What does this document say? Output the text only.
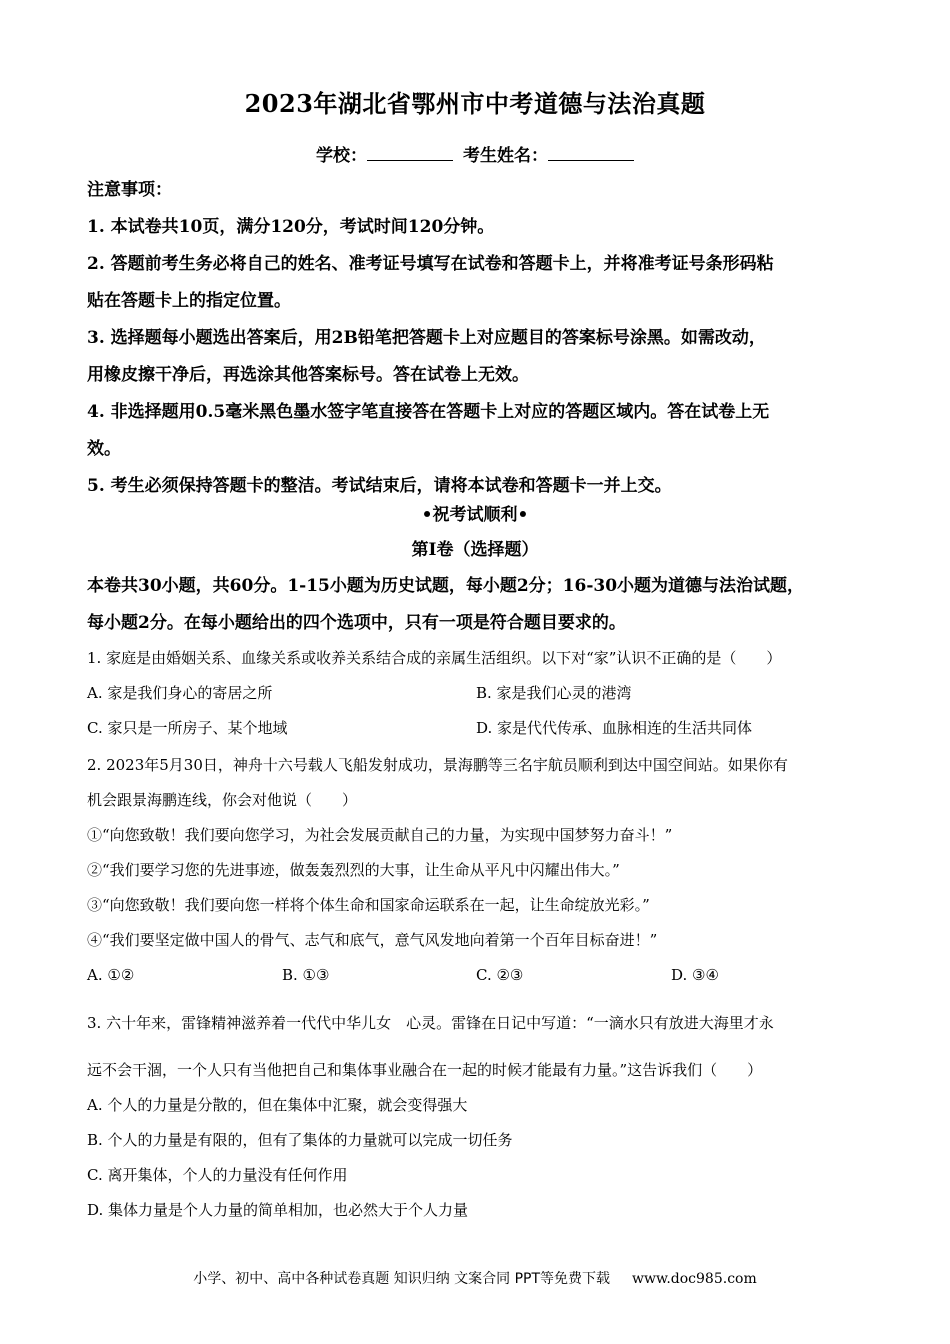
2023年湖北省鄂州市中考道德与法治真题
学校：	考生姓名：
注意事项：
1. 本试卷共10页，满分120分，考试时间120分钟。
2. 答题前考生务必将自己的姓名、准考证号填写在试卷和答题卡上，并将准考证号条形码粘
贴在答题卡上的指定位置。
3. 选择题每小题选出答案后，用2B铅笔把答题卡上对应题目的答案标号涂黑。如需改动，
用橡皮擦干净后，再选涂其他答案标号。答在试卷上无效。
4. 非选择题用0.5毫米黑色墨水签字笔直接答在答题卡上对应的答题区域内。答在试卷上无
效。
5. 考生必须保持答题卡的整洁。考试结束后，请将本试卷和答题卡一并上交。
•祝考试顺利•
第Ⅰ卷（选择题）
本卷共30小题，共60分。1-15小题为历史试题，每小题2分；16-30小题为道德与法治试题，
每小题2分。在每小题给出的四个选项中，只有一项是符合题目要求的。
1. 家庭是由婚姻关系、血缘关系或收养关系结合成的亲属生活组织。以下对“家”认识不正确的是（　　）
A. 家是我们身心的寄居之所	B. 家是我们心灵的港湾
C. 家只是一所房子、某个地域	D. 家是代代传承、血脉相连的生活共同体
2. 2023年5月30日，神舟十六号载人飞船发射成功，景海鹏等三名宇航员顺利到达中国空间站。如果你有
机会跟景海鹏连线，你会对他说（　　）
①“向您致敬！我们要向您学习，为社会发展贡献自己的力量，为实现中国梦努力奋斗！”
②“我们要学习您的先进事迹，做轰轰烈烈的大事，让生命从平凡中闪耀出伟大。”
③“向您致敬！我们要向您一样将个体生命和国家命运联系在一起，让生命绽放光彩。”
④“我们要坚定做中国人的骨气、志气和底气，意气风发地向着第一个百年目标奋进！”
A. ①②	B. ①③	C. ②③	D. ③④
3. 六十年来，雷锋精神滋养着一代代中华儿女　心灵。雷锋在日记中写道：“一滴水只有放进大海里才永
远不会干涸，一个人只有当他把自己和集体事业融合在一起的时候才能最有力量。”这告诉我们（　　）
A. 个人的力量是分散的，但在集体中汇聚，就会变得强大
B. 个人的力量是有限的，但有了集体的力量就可以完成一切任务
C. 离开集体，个人的力量没有任何作用
D. 集体力量是个人力量的简单相加，也必然大于个人力量
小学、初中、高中各种试卷真题 知识归纳 文案合同 PPT等免费下载 www.doc985.com
